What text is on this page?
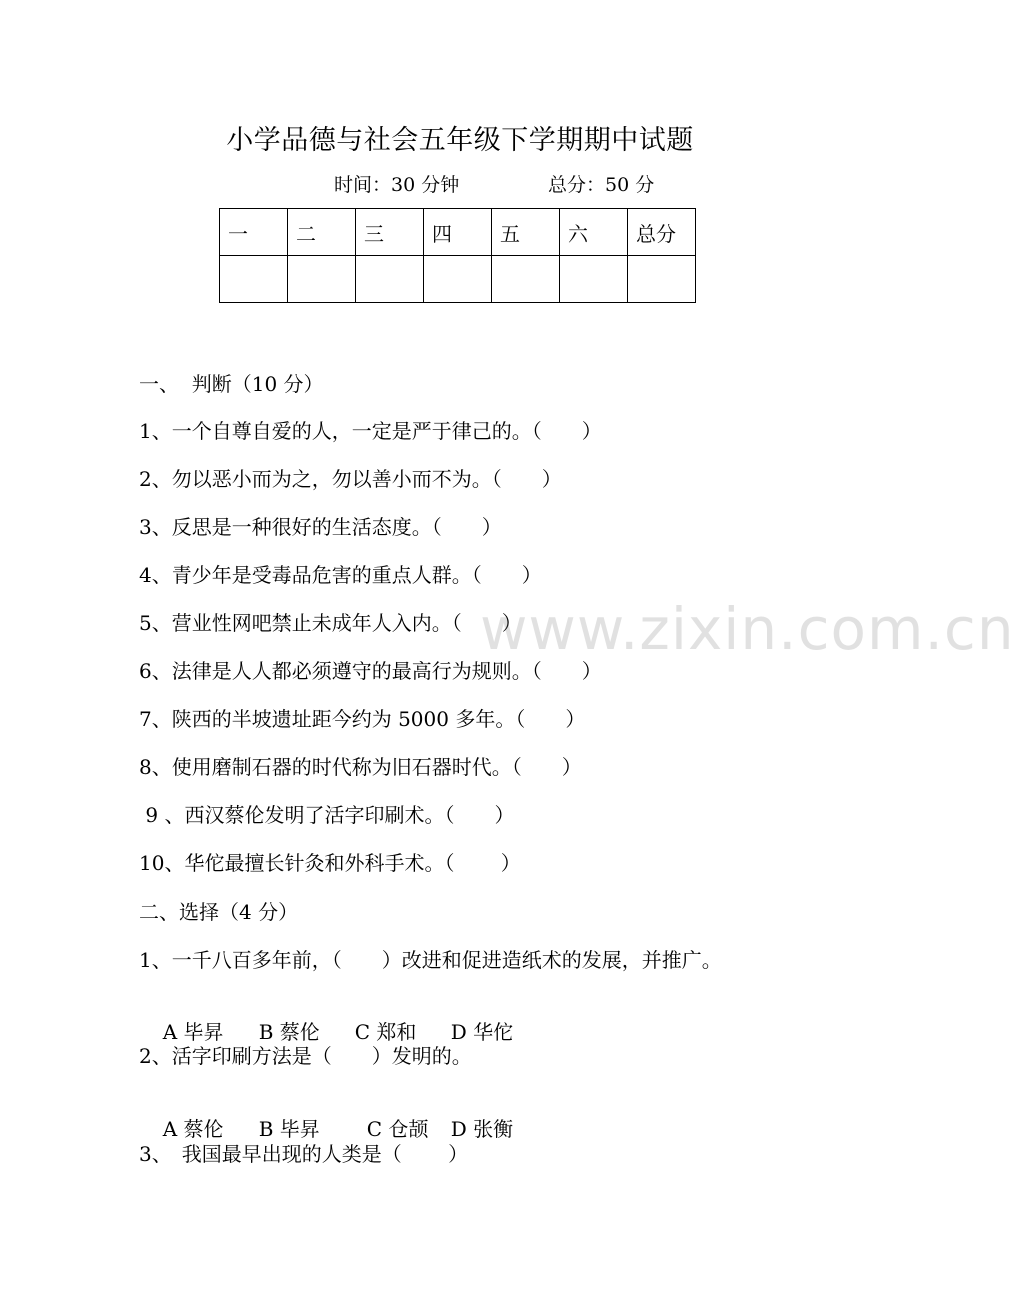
小学品德与社会五年级下学期期中试题
时间：30 分钟	总分：50 分
一	二	三	四	五	六	总分

一、  判断（10 分）
1、一个自尊自爱的人，一定是严于律己的。（　　）
2、勿以恶小而为之，勿以善小而不为。（　　）
3、反思是一种很好的生活态度。（　　）
4、青少年是受毒品危害的重点人群。（　　）
5、营业性网吧禁止未成年人入内。（　　）
6、法律是人人都必须遵守的最高行为规则。（　　）
7、陕西的半坡遗址距今约为 5000 多年。（　　）
8、使用磨制石器的时代称为旧石器时代。（　　）
9 、西汉蔡伦发明了活字印刷术。（　　）
10、华佗最擅长针灸和外科手术。（　　 ）
二、选择（4 分）
1、一千八百多年前，（　　）改进和促进造纸术的发展，并推广。

A 毕昇 B 蔡伦 C 郑和 D 华佗

2、活字印刷方法是（　　）发明的。

A 蔡伦 B 毕昇 C 仓颉 D 张衡

3、　我国最早出现的人类是（　　 ）
www.zixin.com.cn
